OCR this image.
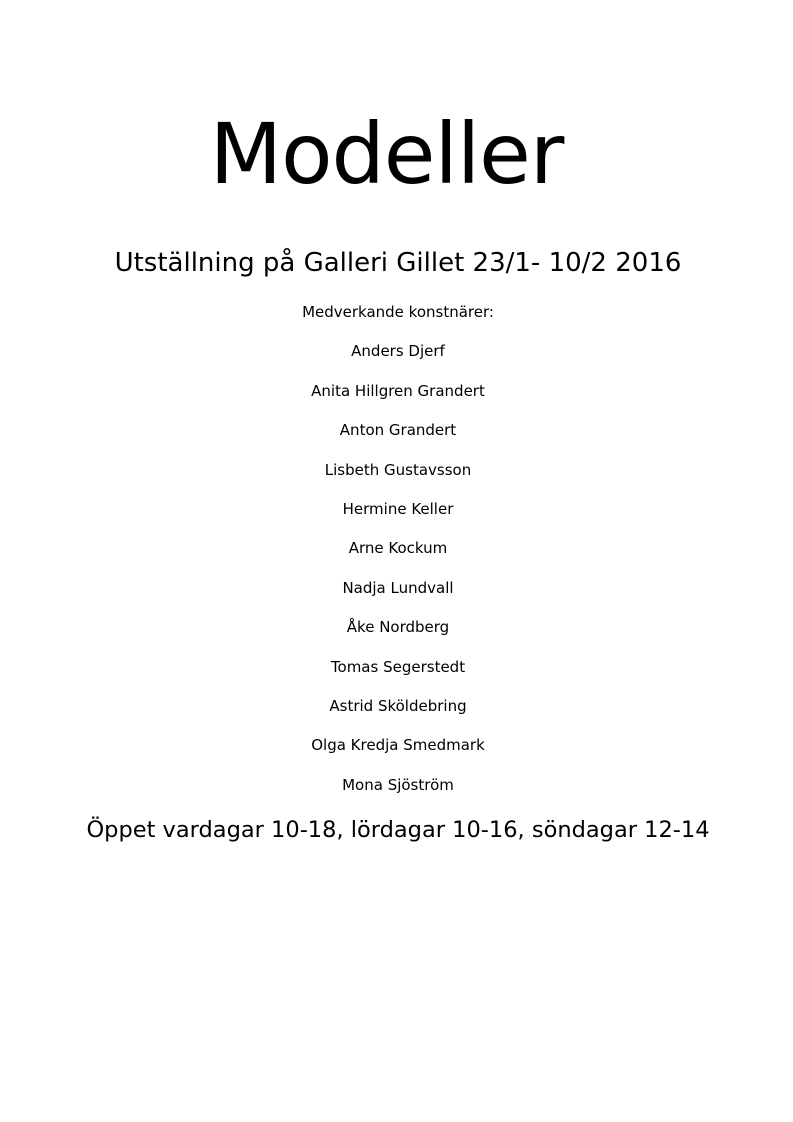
Modeller
Utställning på Galleri Gillet 23/1- 10/2 2016
Medverkande konstnärer:
Anders Djerf
Anita Hillgren Grandert
Anton Grandert
Lisbeth Gustavsson
Hermine Keller
Arne Kockum
Nadja Lundvall
Åke Nordberg
Tomas Segerstedt
Astrid Sköldebring
Olga Kredja Smedmark
Mona Sjöström
Öppet vardagar 10-18, lördagar 10-16, söndagar 12-14
